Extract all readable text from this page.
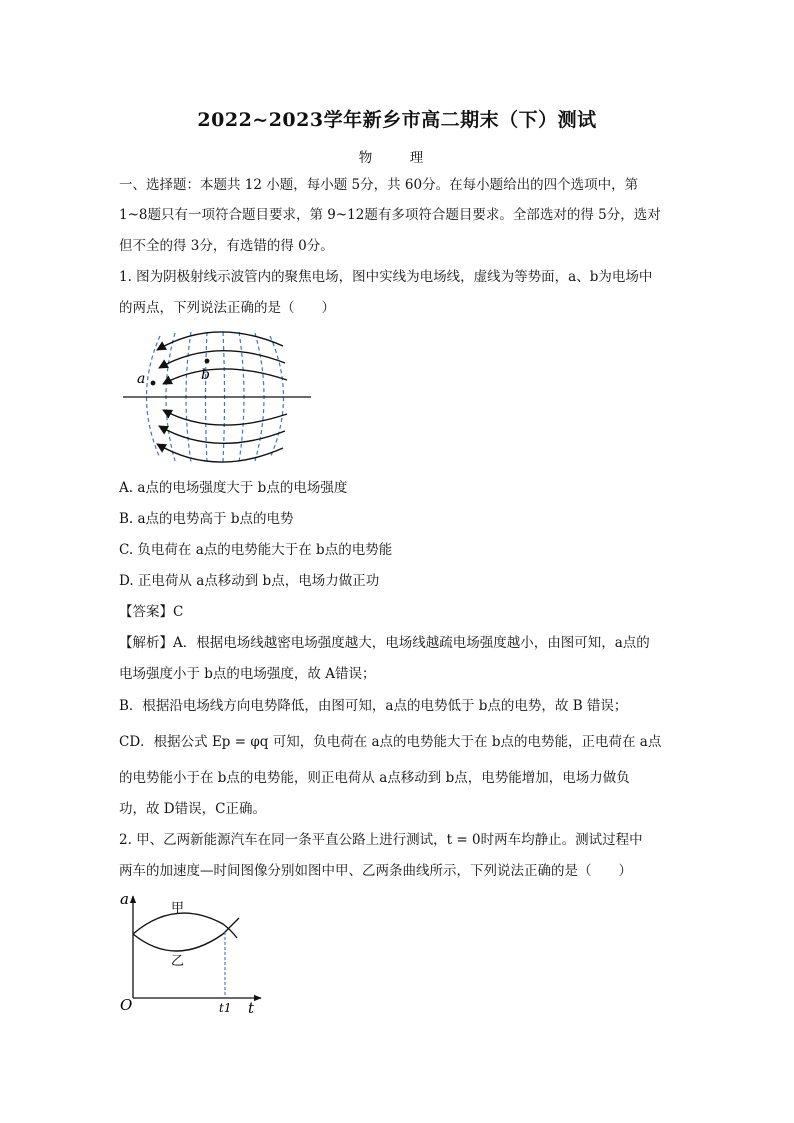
2022~2023学年新乡市高二期末（下）测试
物　理
一、选择题：本题共 12 小题，每小题 5分，共 60分。在每小题给出的四个选项中，第
1~8题只有一项符合题目要求，第 9~12题有多项符合题目要求。全部选对的得 5分，选对
但不全的得 3分，有选错的得 0分。
1. 图为阴极射线示波管内的聚焦电场，图中实线为电场线，虚线为等势面，a、b为电场中
的两点，下列说法正确的是（　　）
a	b
A. a点的电场强度大于 b点的电场强度
B. a点的电势高于 b点的电势
C. 负电荷在 a点的电势能大于在 b点的电势能
D. 正电荷从 a点移动到 b点，电场力做正功
【答案】C
【解析】A．根据电场线越密电场强度越大，电场线越疏电场强度越小，由图可知，a点的
电场强度小于 b点的电场强度，故 A错误；
B．根据沿电场线方向电势降低，由图可知，a点的电势低于 b点的电势，故 B 错误；
CD．根据公式 Ep = φq 可知，负电荷在 a点的电势能大于在 b点的电势能，正电荷在 a点
的电势能小于在 b点的电势能，则正电荷从 a点移动到 b点，电势能增加，电场力做负
功，故 D错误，C正确。
2. 甲、乙两新能源汽车在同一条平直公路上进行测试，t = 0时两车均静止。测试过程中
两车的加速度—时间图像分别如图中甲、乙两条曲线所示，下列说法正确的是（　　）
a
t
O
甲
乙
t1
